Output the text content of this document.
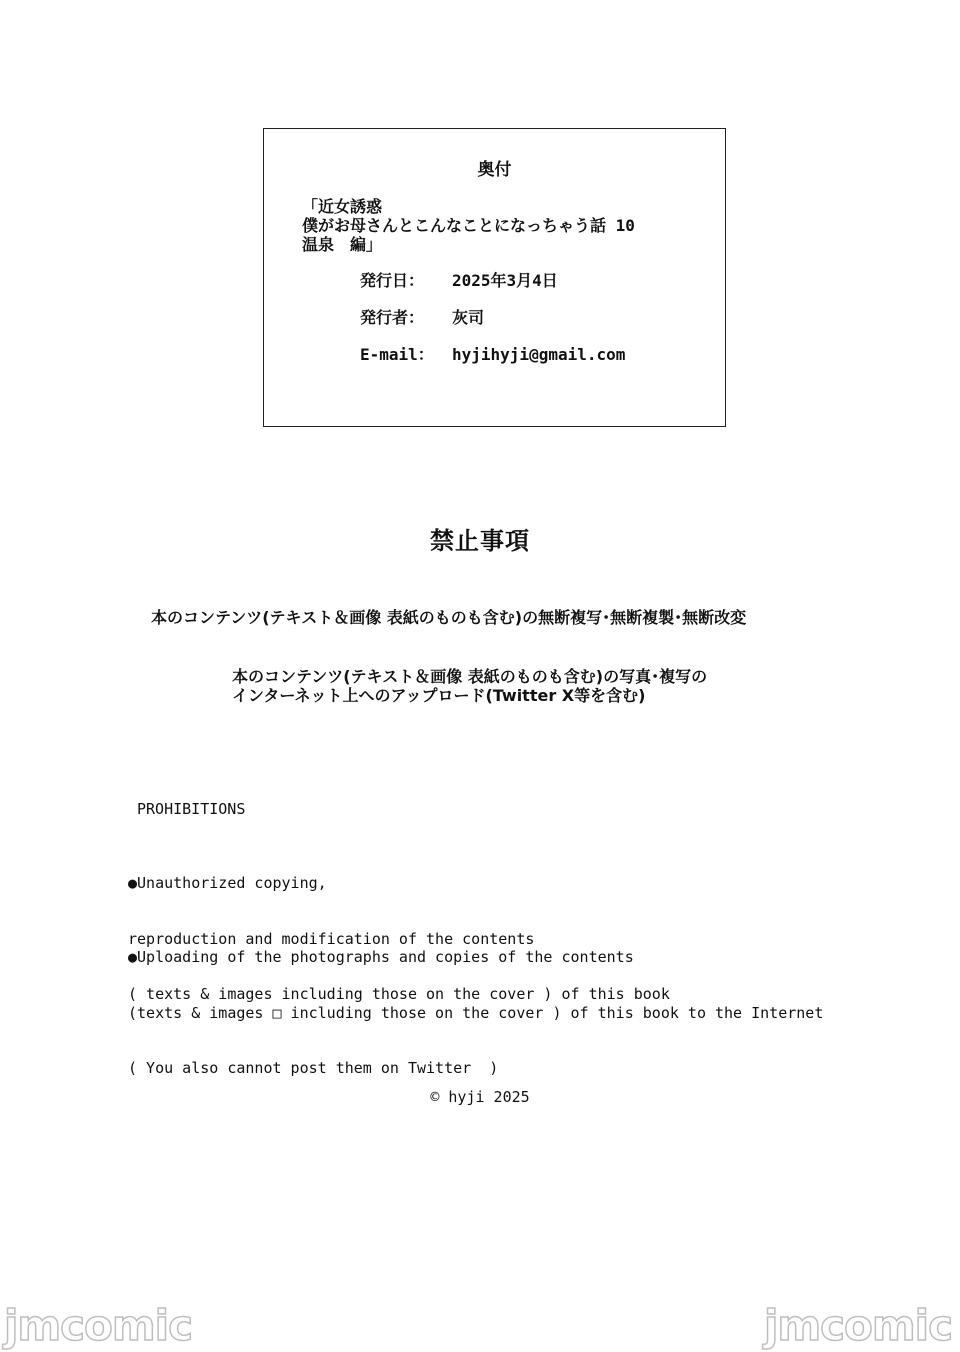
奥付
「近女誘惑
僕がお母さんとこんなことになっちゃう話 10
温泉　編」
発行日： 2025年3月4日
発行者： 灰司
E-mail： hyjihyji@gmail.com
禁止事項
本のコンテンツ(テキスト＆画像 表紙のものも含む)の無断複写･無断複製･無断改変
本のコンテンツ(テキスト＆画像 表紙のものも含む)の写真･複写の
インターネット上へのアップロード(Twitter X等を含む)
PROHIBITIONS

●Unauthorized copying,

reproduction and modification of the contents

( texts & images including those on the cover ) of this book

●Uploading of the photographs and copies of the contents

(texts & images □ including those on the cover ) of this book to the Internet

( You also cannot post them on Twitter  )

© hyji 2025
jmcomic	jmcomic
